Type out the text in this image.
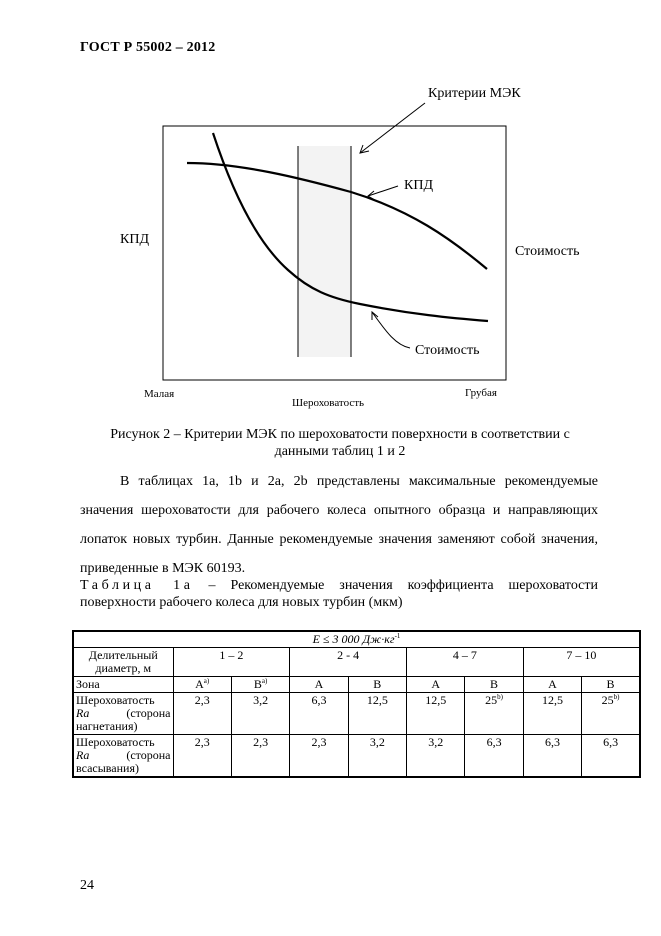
ГОСТ Р 55002 – 2012
Критерии МЭК
КПД
КПД
Стоимость
Стоимость
Малая	Грубая
Шероховатость
Рисунок 2 – Критерии МЭК по шероховатости поверхности в соответствии с
данными таблиц 1 и 2
В таблицах 1a, 1b и 2a, 2b представлены максимальные рекомендуемые значения шероховатости для рабочего колеса опытного образца и направляющих лопаток новых турбин. Данные рекомендуемые значения заменяют собой значения, приведенные в МЭК 60193.
Таблица 1a – Рекомендуемые значения коэффициента шероховатости поверхности рабочего колеса для новых турбин (мкм)
E ≤ 3 000 $Дж\cdot кг^{-1}$
Делительный диаметр, м	1 – 2		2 - 4		4 – 7		7 – 10	
Зона	$A^{а)}$	$B^{а)}$	A	B	A	B	A	B

Шероховатость
Ra (сторона
нагнетания)	2,3	3,2	6,3	12,5	12,5	25$^{b)}$	12,5	25$^{b)}$

Шероховатость
Ra (сторона
всасывания)	2,3	2,3	2,3	3,2	3,2	6,3	6,3	6,3
24
